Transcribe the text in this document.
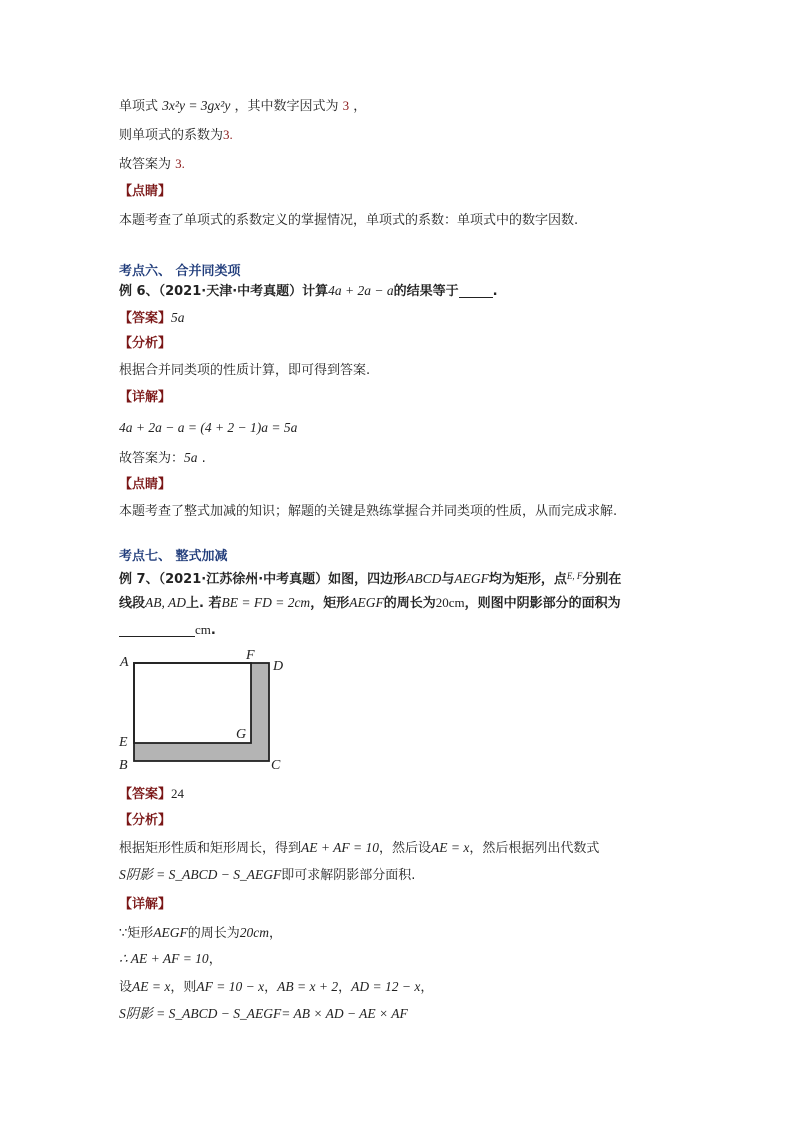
单项式 3x²y = 3gx²y ，其中数字因式为 3 ，
则单项式的系数为3.
故答案为 3.
【点睛】
本题考查了单项式的系数定义的掌握情况，单项式的系数：单项式中的数字因数.
考点六、 合并同类项
例 6、（2021·天津·中考真题）计算4a + 2a − a的结果等于	.
【答案】5a
【分析】
根据合并同类项的性质计算，即可得到答案.
【详解】
4a + 2a − a = (4 + 2 − 1)a = 5a
故答案为：5a .
【点睛】
本题考查了整式加减的知识；解题的关键是熟练掌握合并同类项的性质，从而完成求解.
考点七、 整式加减
例 7、（2021·江苏徐州·中考真题）如图，四边形ABCD与AEGF均为矩形，点$^{E, F}$分别在
线段AB, AD上. 若BE = FD = 2cm，矩形AEGF的周长为20cm，则图中阴影部分的面积为
cm.
A	F
D
G
E
B	C
【答案】24
【分析】
根据矩形性质和矩形周长，得到AE + AF = 10，然后设AE = x，然后根据列出代数式
S阴影 = S_ABCD − S_AEGF即可求解阴影部分面积.
【详解】
∵矩形AEGF的周长为20cm，
∴ AE + AF = 10，
设AE = x，则AF = 10 − x，AB = x + 2，AD = 12 − x，
S阴影 = S_ABCD − S_AEGF= AB × AD − AE × AF
